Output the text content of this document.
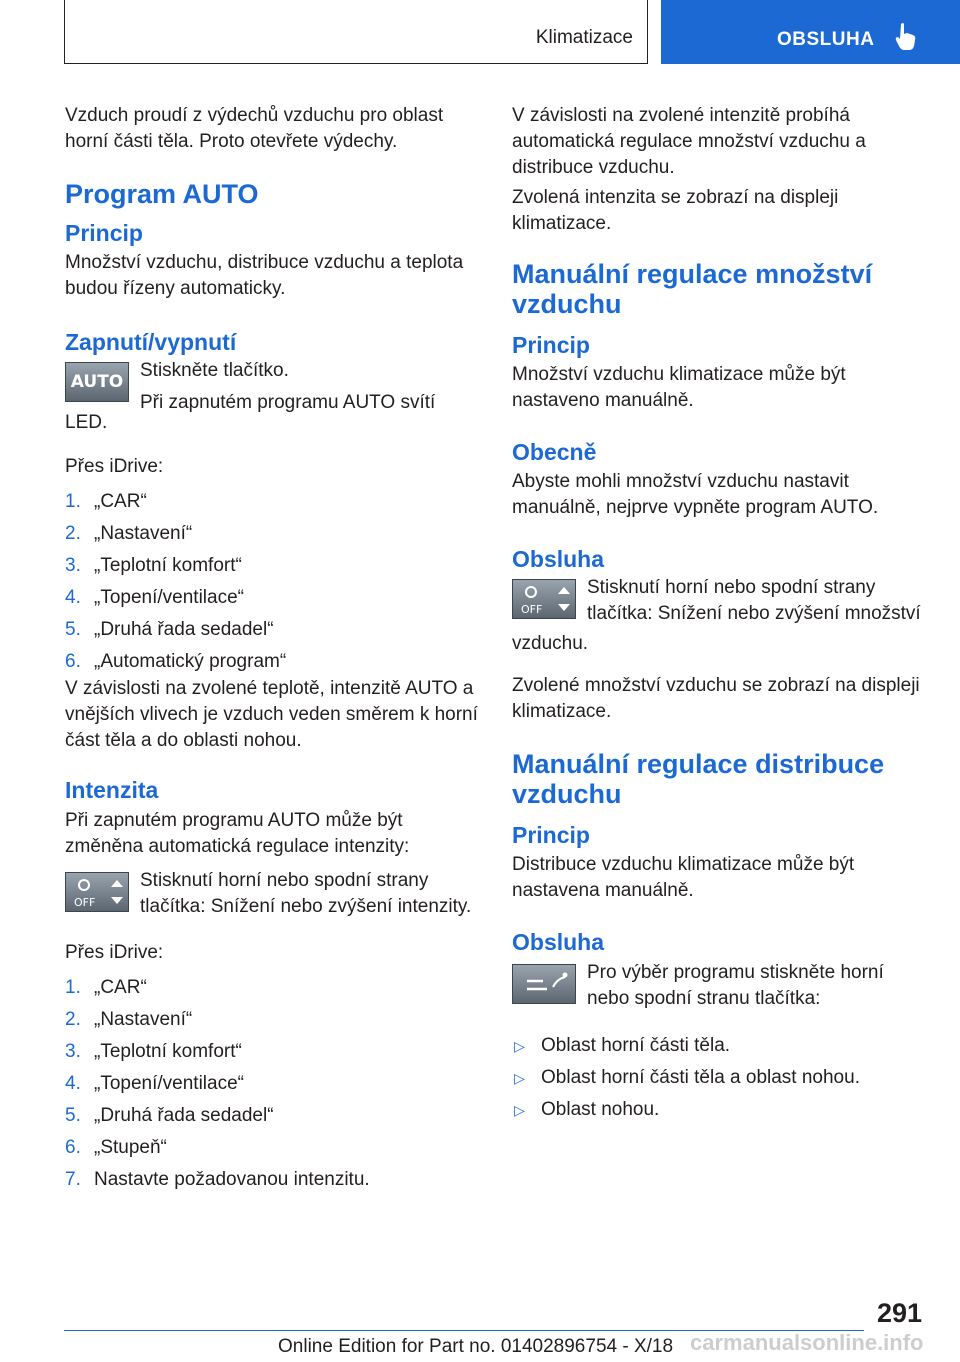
Klimatizace	OBSLUHA

Vzduch proudí z výdechů vzduchu pro oblast horní části těla. Proto otevřete výdechy.

Program AUTO
Princip

Množství vzduchu, distribuce vzduchu a teplota budou řízeny automaticky.

Zapnutí/vypnutí
AUTO

Stiskněte tlačítko.

Při zapnutém programu AUTO svítí

LED.

Přes iDrive:

1. „CAR“
2. „Nastavení“
3. „Teplotní komfort“
4. „Topení/ventilace“
5. „Druhá řada sedadel“
6. „Automatický program“

V závislosti na zvolené teplotě, intenzitě AUTO a vnějších vlivech je vzduch veden směrem k horní část těla a do oblasti nohou.

Intenzita

Při zapnutém programu AUTO může být změněna automatická regulace intenzity:

OFF

Stisknutí horní nebo spodní strany tlačítka: Snížení nebo zvýšení intenzity.

Přes iDrive:

1. „CAR“
2. „Nastavení“
3. „Teplotní komfort“
4. „Topení/ventilace“
5. „Druhá řada sedadel“
6. „Stupeň“
7. Nastavte požadovanou intenzitu.

V závislosti na zvolené intenzitě probíhá automatická regulace množství vzduchu a distribuce vzduchu.

Zvolená intenzita se zobrazí na displeji klimatizace.

Manuální regulace množství vzduchu
Princip

Množství vzduchu klimatizace může být nastaveno manuálně.

Obecně

Abyste mohli množství vzduchu nastavit manuálně, nejprve vypněte program AUTO.

Obsluha
OFF

Stisknutí horní nebo spodní strany tlačítka: Snížení nebo zvýšení množství

vzduchu.

Zvolené množství vzduchu se zobrazí na displeji klimatizace.

Manuální regulace distribuce vzduchu
Princip

Distribuce vzduchu klimatizace může být nastavena manuálně.

Obsluha

Pro výběr programu stiskněte horní nebo spodní stranu tlačítka:

▷ Oblast horní části těla.
▷ Oblast horní části těla a oblast nohou.
▷ Oblast nohou.
291
Online Edition for Part no. 01402896754 - X/18 carmanualsonline.info
